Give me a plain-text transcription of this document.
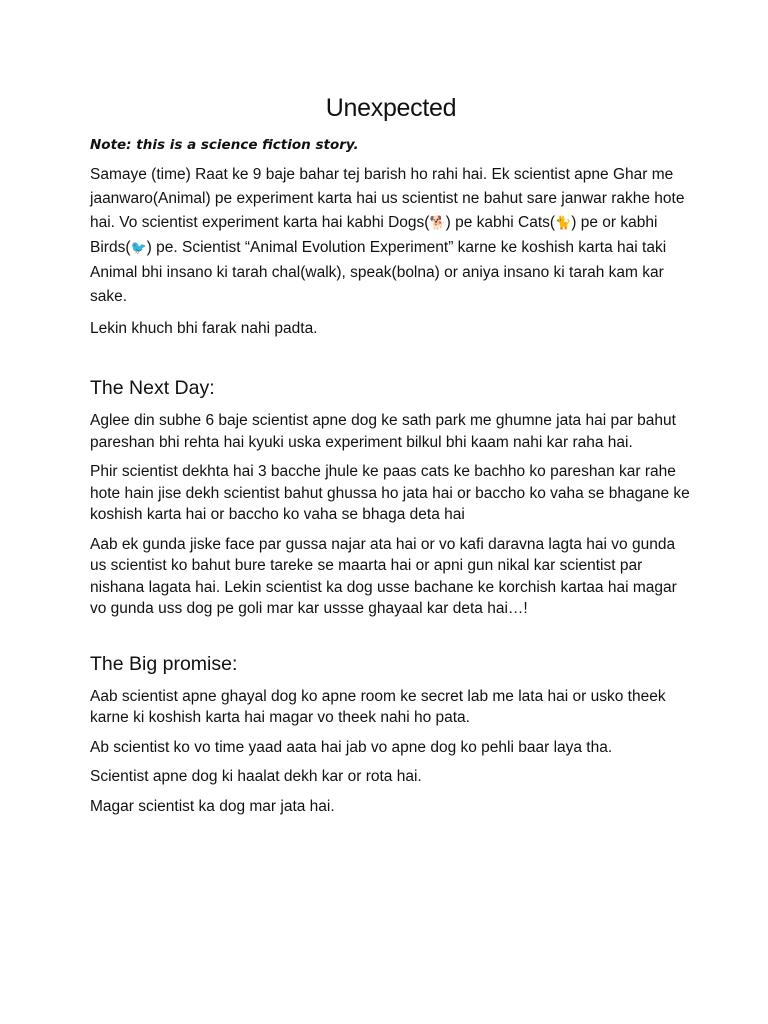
Unexpected
Note: this is a science fiction story.

Samaye (time) Raat ke 9 baje bahar tej barish ho rahi hai. Ek scientist apne Ghar me jaanwaro(Animal) pe experiment karta hai us scientist ne bahut sare janwar rakhe hote hai. Vo scientist experiment karta hai kabhi Dogs(🐕) pe kabhi Cats(🐈) pe or kabhi Birds(🐦) pe. Scientist “Animal Evolution Experiment” karne ke koshish karta hai taki Animal bhi insano ki tarah chal(walk), speak(bolna) or aniya insano ki tarah kam kar sake.

Lekin khuch bhi farak nahi padta.

The Next Day:

Aglee din subhe 6 baje scientist apne dog ke sath park me ghumne jata hai par bahut pareshan bhi rehta hai kyuki uska experiment bilkul bhi kaam nahi kar raha hai.

Phir scientist dekhta hai 3 bacche jhule ke paas cats ke bachho ko pareshan kar rahe hote hain jise dekh scientist bahut ghussa ho jata hai or baccho ko vaha se bhagane ke koshish karta hai or baccho ko vaha se bhaga deta hai

Aab ek gunda jiske face par gussa najar ata hai or vo kafi daravna lagta hai vo gunda us scientist ko bahut bure tareke se maarta hai or apni gun nikal kar scientist par nishana lagata hai. Lekin scientist ka dog usse bachane ke korchish kartaa hai magar vo gunda uss dog pe goli mar kar ussse ghayaal kar deta hai…!

The Big promise:

Aab scientist apne ghayal dog ko apne room ke secret lab me lata hai or usko theek karne ki koshish karta hai magar vo theek nahi ho pata.

Ab scientist ko vo time yaad aata hai jab vo apne dog ko pehli baar laya tha.

Scientist apne dog ki haalat dekh kar or rota hai.

Magar scientist ka dog mar jata hai.
